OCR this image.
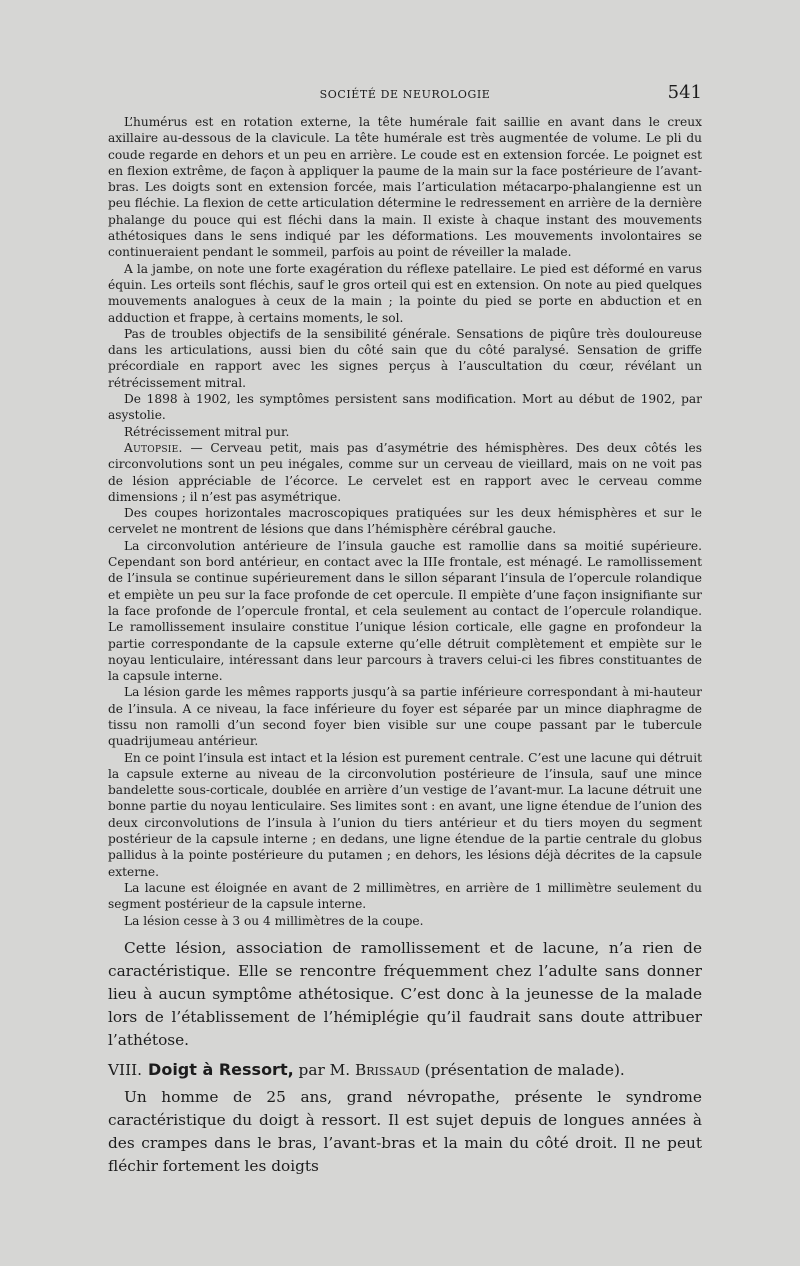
SOCIÉTÉ DE NEUROLOGIE	541

L’humérus est en rotation externe, la tête humérale fait saillie en avant dans le creux axillaire au-dessous de la clavicule. La tête humérale est très augmentée de volume. Le pli du coude regarde en dehors et un peu en arrière. Le coude est en extension forcée. Le poignet est en flexion extrême, de façon à appliquer la paume de la main sur la face postérieure de l’avant-bras. Les doigts sont en extension forcée, mais l’articulation métacarpo-phalangienne est un peu fléchie. La flexion de cette articulation détermine le redressement en arrière de la dernière phalange du pouce qui est fléchi dans la main. Il existe à chaque instant des mouvements athétosiques dans le sens indiqué par les déformations. Les mouvements involontaires se continueraient pendant le sommeil, parfois au point de réveiller la malade.

A la jambe, on note une forte exagération du réflexe patellaire. Le pied est déformé en varus équin. Les orteils sont fléchis, sauf le gros orteil qui est en extension. On note au pied quelques mouvements analogues à ceux de la main ; la pointe du pied se porte en abduction et en adduction et frappe, à certains moments, le sol.

Pas de troubles objectifs de la sensibilité générale. Sensations de piqûre très douloureuse dans les articulations, aussi bien du côté sain que du côté paralysé. Sensation de griffe précordiale en rapport avec les signes perçus à l’auscultation du cœur, révélant un rétrécissement mitral.

De 1898 à 1902, les symptômes persistent sans modification. Mort au début de 1902, par asystolie.

Rétrécissement mitral pur.

Autopsie. — Cerveau petit, mais pas d’asymétrie des hémisphères. Des deux côtés les circonvolutions sont un peu inégales, comme sur un cerveau de vieillard, mais on ne voit pas de lésion appréciable de l’écorce. Le cervelet est en rapport avec le cerveau comme dimensions ; il n’est pas asymétrique.

Des coupes horizontales macroscopiques pratiquées sur les deux hémisphères et sur le cervelet ne montrent de lésions que dans l’hémisphère cérébral gauche.

La circonvolution antérieure de l’insula gauche est ramollie dans sa moitié supérieure. Cependant son bord antérieur, en contact avec la IIIe frontale, est ménagé. Le ramollissement de l’insula se continue supérieurement dans le sillon séparant l’insula de l’opercule rolandique et empiète un peu sur la face profonde de cet opercule. Il empiète d’une façon insignifiante sur la face profonde de l’opercule frontal, et cela seulement au contact de l’opercule rolandique. Le ramollissement insulaire constitue l’unique lésion corticale, elle gagne en profondeur la partie correspondante de la capsule externe qu’elle détruit complètement et empiète sur le noyau lenticulaire, intéressant dans leur parcours à travers celui-ci les fibres constituantes de la capsule interne.

La lésion garde les mêmes rapports jusqu’à sa partie inférieure correspondant à mi-hauteur de l’insula. A ce niveau, la face inférieure du foyer est séparée par un mince diaphragme de tissu non ramolli d’un second foyer bien visible sur une coupe passant par le tubercule quadrijumeau antérieur.

En ce point l’insula est intact et la lésion est purement centrale. C’est une lacune qui détruit la capsule externe au niveau de la circonvolution postérieure de l’insula, sauf une mince bandelette sous-corticale, doublée en arrière d’un vestige de l’avant-mur. La lacune détruit une bonne partie du noyau lenticulaire. Ses limites sont : en avant, une ligne étendue de l’union des deux circonvolutions de l’insula à l’union du tiers antérieur et du tiers moyen du segment postérieur de la capsule interne ; en dedans, une ligne étendue de la partie centrale du globus pallidus à la pointe postérieure du putamen ; en dehors, les lésions déjà décrites de la capsule externe.

La lacune est éloignée en avant de 2 millimètres, en arrière de 1 millimètre seulement du segment postérieur de la capsule interne.

La lésion cesse à 3 ou 4 millimètres de la coupe.

Cette lésion, association de ramollissement et de lacune, n’a rien de caractéristique. Elle se rencontre fréquemment chez l’adulte sans donner lieu à aucun symptôme athétosique. C’est donc à la jeunesse de la malade lors de l’établissement de l’hémiplégie qu’il faudrait sans doute attribuer l’athétose.

VIII. Doigt à Ressort, par M. Brissaud (présentation de malade).

Un homme de 25 ans, grand névropathe, présente le syndrome caractéristique du doigt à ressort. Il est sujet depuis de longues années à des crampes dans le bras, l’avant-bras et la main du côté droit. Il ne peut fléchir fortement les doigts
